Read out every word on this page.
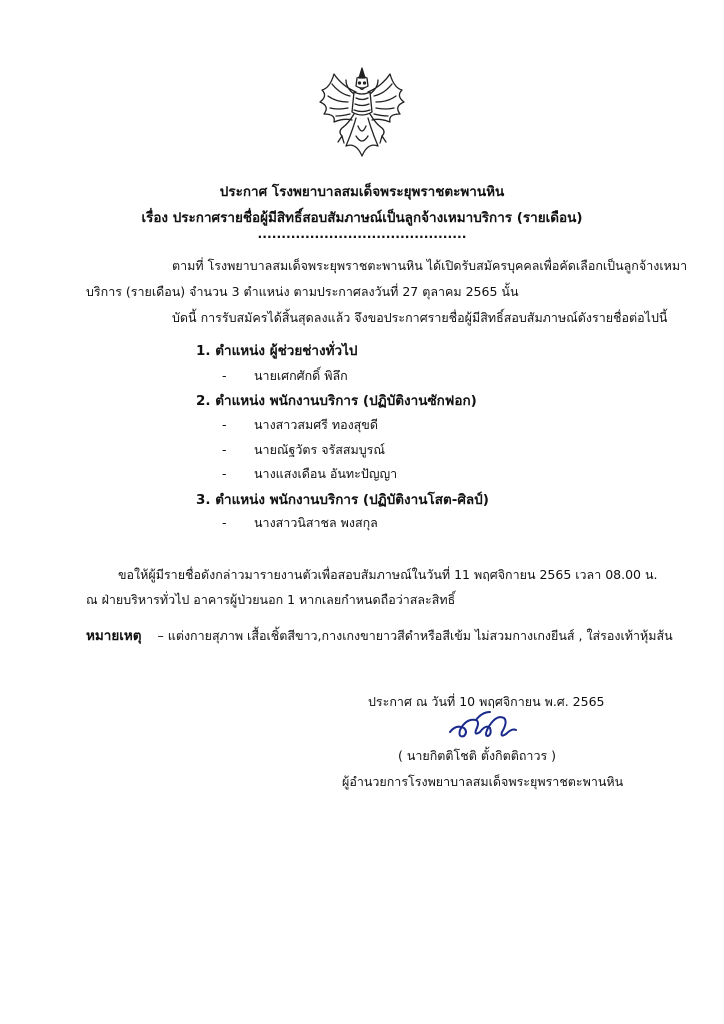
ประกาศ โรงพยาบาลสมเด็จพระยุพราชตะพานหิน
เรื่อง ประกาศรายชื่อผู้มีสิทธิ์สอบสัมภาษณ์เป็นลูกจ้างเหมาบริการ (รายเดือน)
............................................
ตามที่ โรงพยาบาลสมเด็จพระยุพราชตะพานหิน ได้เปิดรับสมัครบุคคลเพื่อคัดเลือกเป็นลูกจ้างเหมา
บริการ (รายเดือน) จำนวน 3 ตำแหน่ง ตามประกาศลงวันที่ 27 ตุลาคม 2565 นั้น
บัดนี้ การรับสมัครได้สิ้นสุดลงแล้ว จึงขอประกาศรายชื่อผู้มีสิทธิ์สอบสัมภาษณ์ดังรายชื่อต่อไปนี้
1. ตำแหน่ง ผู้ช่วยช่างทั่วไป
- นายเศกศักดิ์ พิลึก
2. ตำแหน่ง พนักงานบริการ (ปฏิบัติงานซักฟอก)
- นางสาวสมศรี ทองสุขดี
- นายณัฐวัตร จรัสสมบูรณ์
- นางแสงเดือน อันทะปัญญา
3. ตำแหน่ง พนักงานบริการ (ปฏิบัติงานโสต-ศิลป์)
- นางสาวนิสาชล พงสกุล
ขอให้ผู้มีรายชื่อดังกล่าวมารายงานตัวเพื่อสอบสัมภาษณ์ในวันที่ 11 พฤศจิกายน 2565 เวลา 08.00 น.
ณ ฝ่ายบริหารทั่วไป อาคารผู้ป่วยนอก 1 หากเลยกำหนดถือว่าสละสิทธิ์
หมายเหตุ – แต่งกายสุภาพ เสื้อเชิ้ตสีขาว,กางเกงขายาวสีดำหรือสีเข้ม ไม่สวมกางเกงยีนส์ , ใส่รองเท้าหุ้มส้น
ประกาศ ณ วันที่ 10 พฤศจิกายน พ.ศ. 2565
( นายกิตติโชติ ตั้งกิตติถาวร )
ผู้อำนวยการโรงพยาบาลสมเด็จพระยุพราชตะพานหิน
